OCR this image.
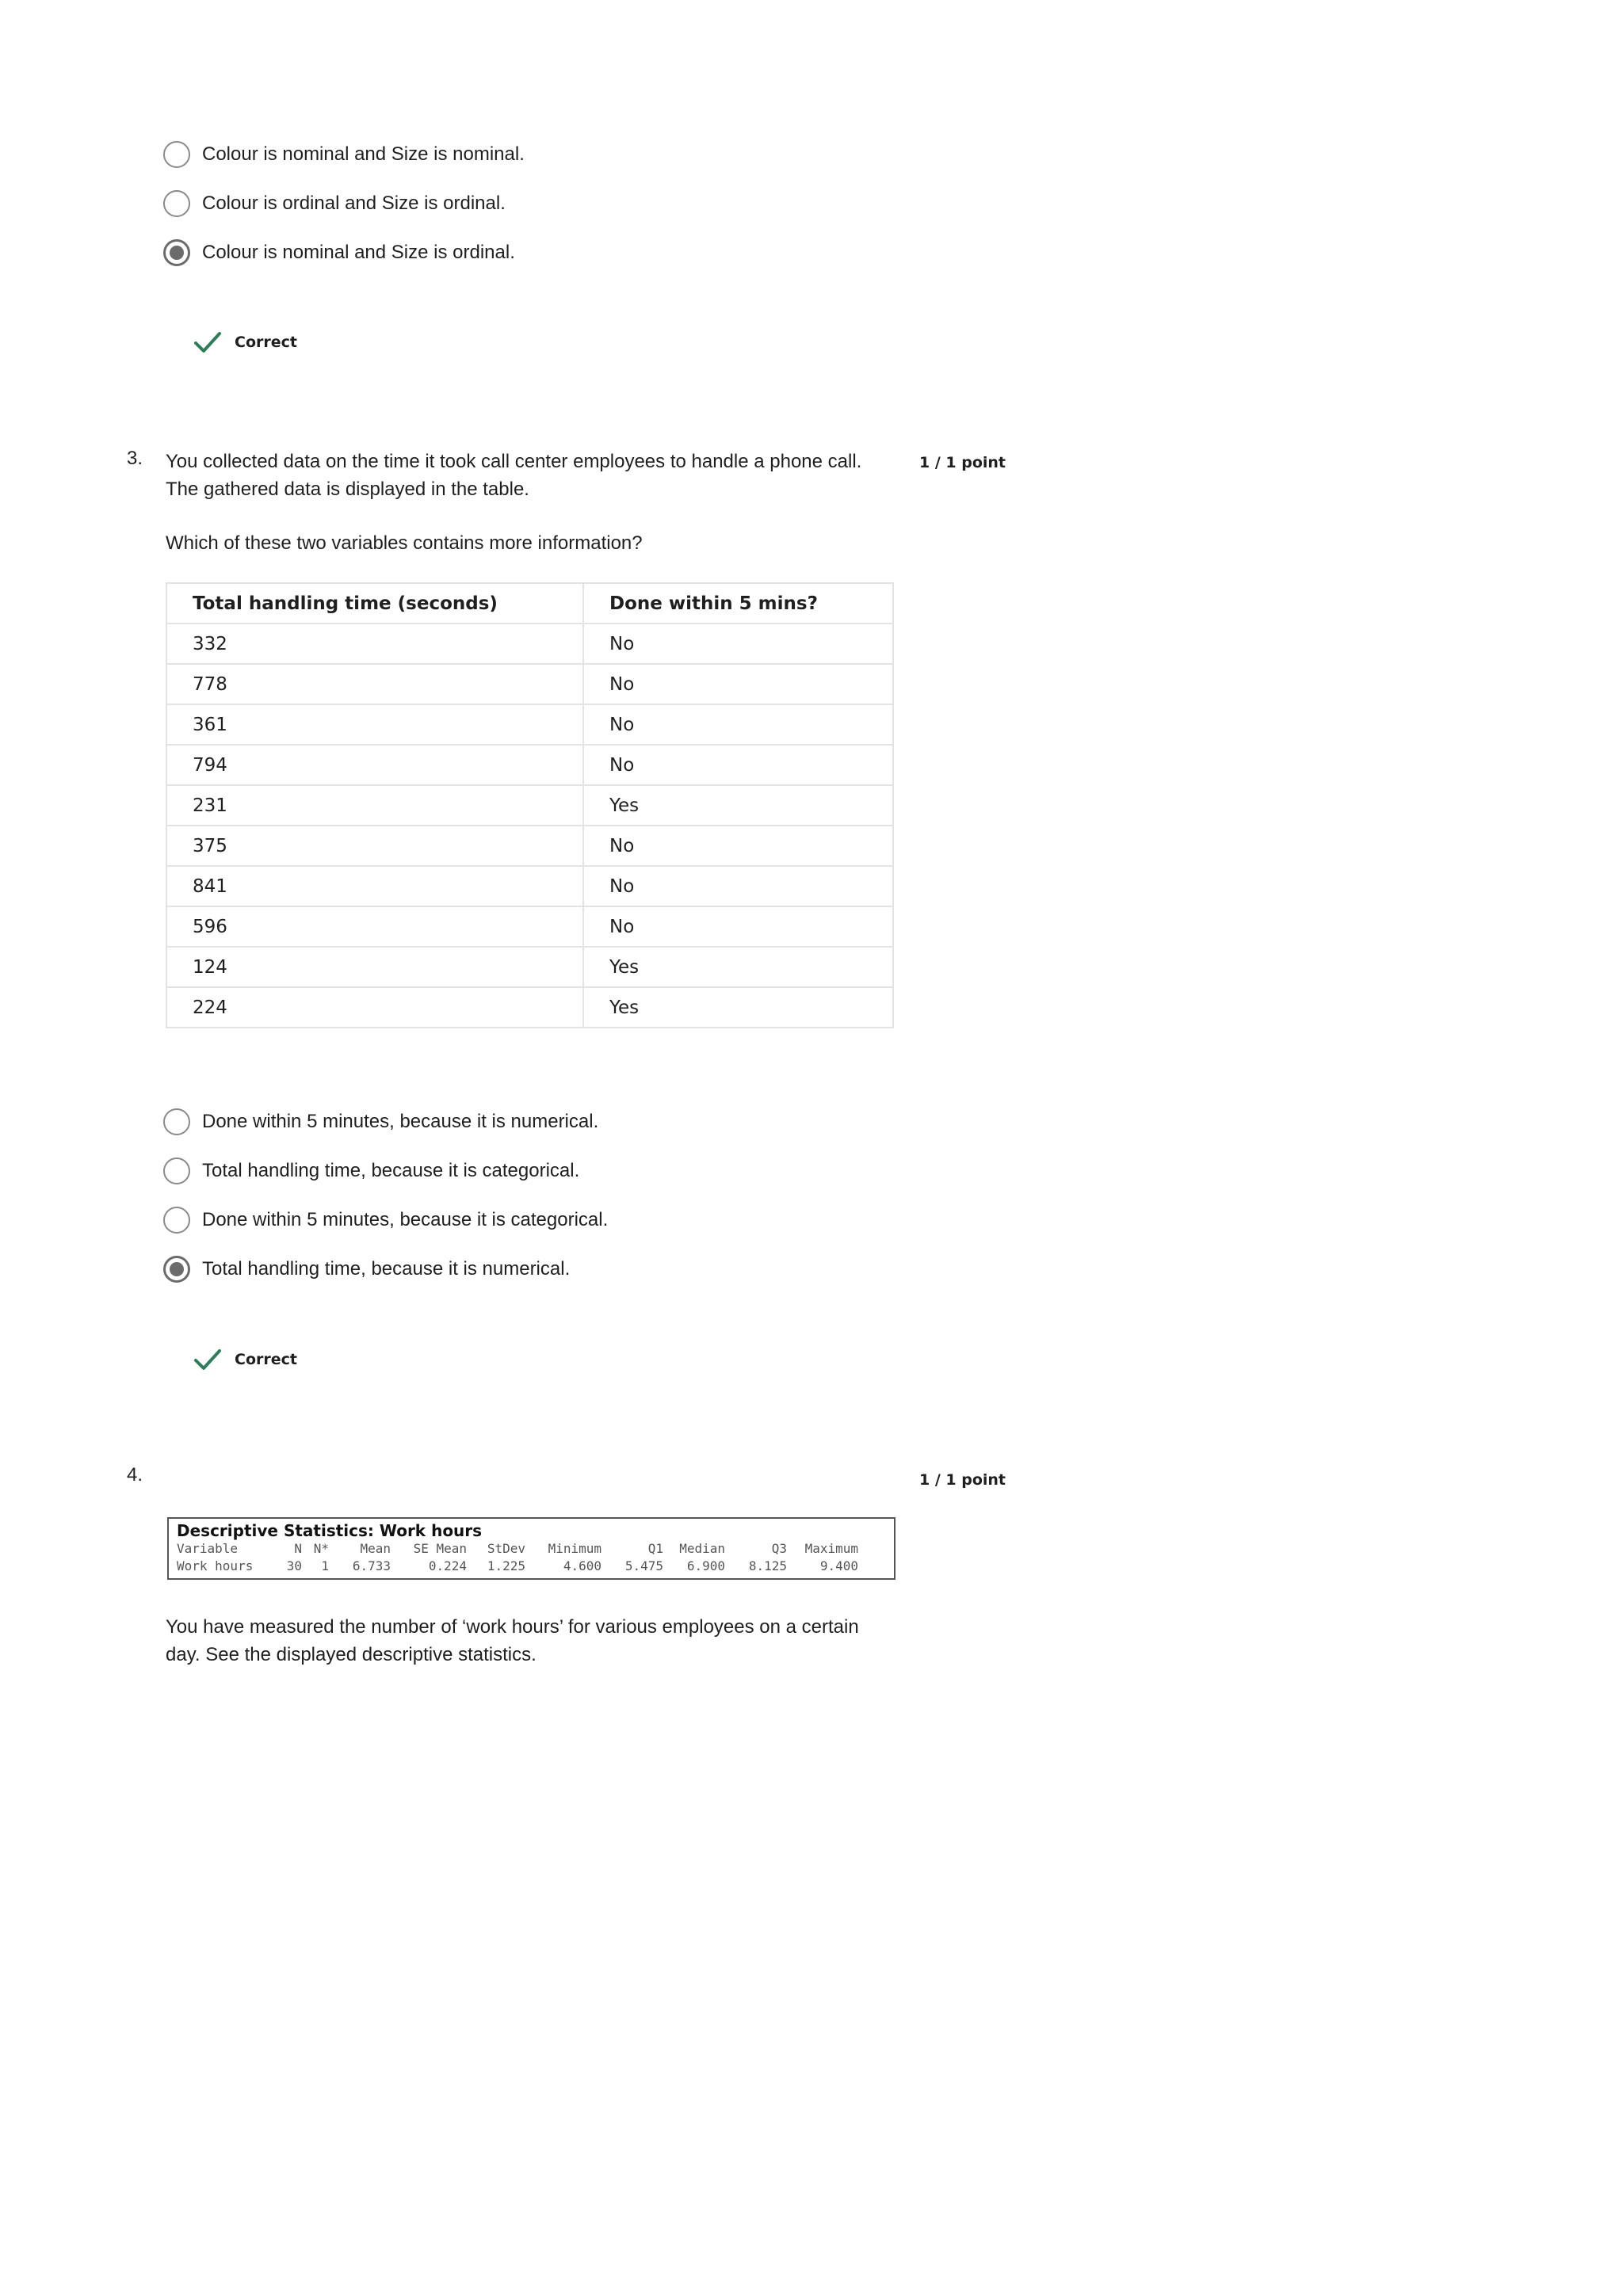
Colour is nominal and Size is nominal.
Colour is ordinal and Size is ordinal.
Colour is nominal and Size is ordinal.
Correct
3. You collected data on the time it took call center employees to handle a phone call. The gathered data is displayed in the table.
1 / 1 point
Which of these two variables contains more information?
Total handling time (seconds)	Done within 5 mins?
332	No
778	No
361	No
794	No
231	Yes
375	No
841	No
596	No
124	Yes
224	Yes
Done within 5 minutes, because it is numerical.
Total handling time, because it is categorical.
Done within 5 minutes, because it is categorical.
Total handling time, because it is numerical.
Correct
4.	1 / 1 point
Descriptive Statistics: Work hours
Variable	N N*	Mean	SE Mean	StDev	Minimum	Q1	Median	Q3	Maximum
Work hours	30	1	6.733	0.224	1.225	4.600	5.475	6.900	8.125	9.400
You have measured the number of ‘work hours’ for various employees on a certain day. See the displayed descriptive statistics.
